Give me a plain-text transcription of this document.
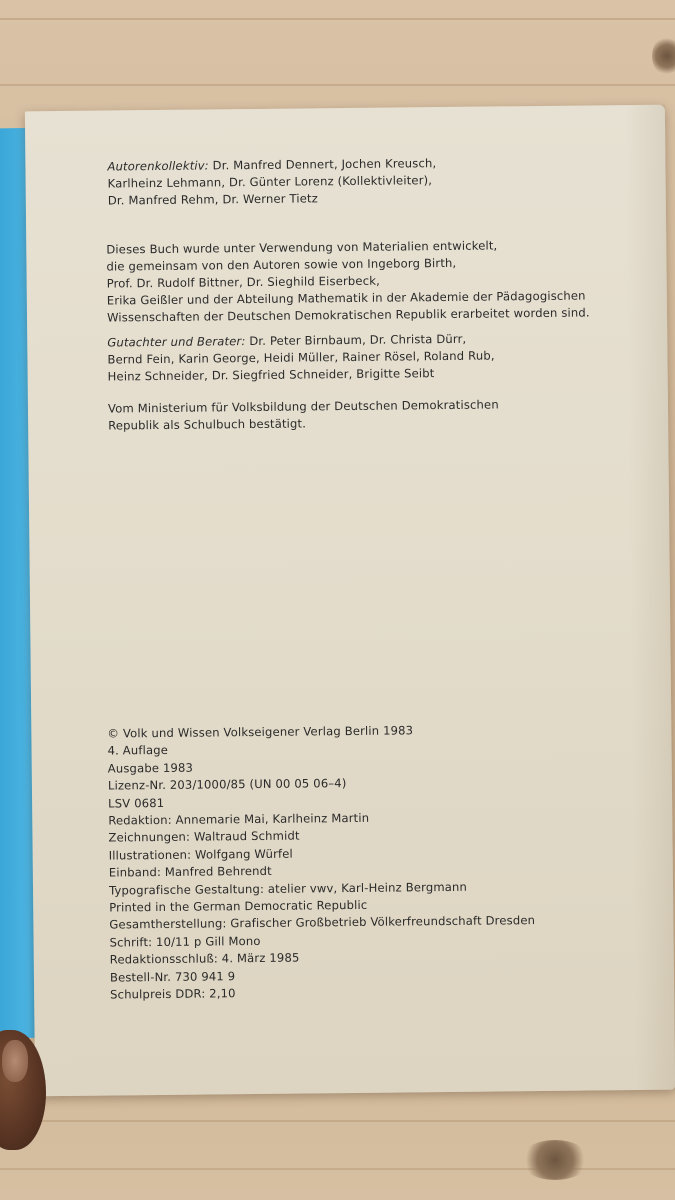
Autorenkollektiv: Dr. Manfred Dennert, Jochen Kreusch,
Karlheinz Lehmann, Dr. Günter Lorenz (Kollektivleiter),
Dr. Manfred Rehm, Dr. Werner Tietz
Dieses Buch wurde unter Verwendung von Materialien entwickelt,
die gemeinsam von den Autoren sowie von Ingeborg Birth,
Prof. Dr. Rudolf Bittner, Dr. Sieghild Eiserbeck,
Erika Geißler und der Abteilung Mathematik in der Akademie der Pädagogischen
Wissenschaften der Deutschen Demokratischen Republik erarbeitet worden sind.
Gutachter und Berater: Dr. Peter Birnbaum, Dr. Christa Dürr,
Bernd Fein, Karin George, Heidi Müller, Rainer Rösel, Roland Rub,
Heinz Schneider, Dr. Siegfried Schneider, Brigitte Seibt
Vom Ministerium für Volksbildung der Deutschen Demokratischen
Republik als Schulbuch bestätigt.
© Volk und Wissen Volkseigener Verlag Berlin 1983
4. Auflage
Ausgabe 1983
Lizenz-Nr. 203/1000/85 (UN 00 05 06–4)
LSV 0681
Redaktion: Annemarie Mai, Karlheinz Martin
Zeichnungen: Waltraud Schmidt
Illustrationen: Wolfgang Würfel
Einband: Manfred Behrendt
Typografische Gestaltung: atelier vwv, Karl-Heinz Bergmann
Printed in the German Democratic Republic
Gesamtherstellung: Grafischer Großbetrieb Völkerfreundschaft Dresden
Schrift: 10/11 p Gill Mono
Redaktionsschluß: 4. März 1985
Bestell-Nr. 730 941 9
Schulpreis DDR: 2,10
